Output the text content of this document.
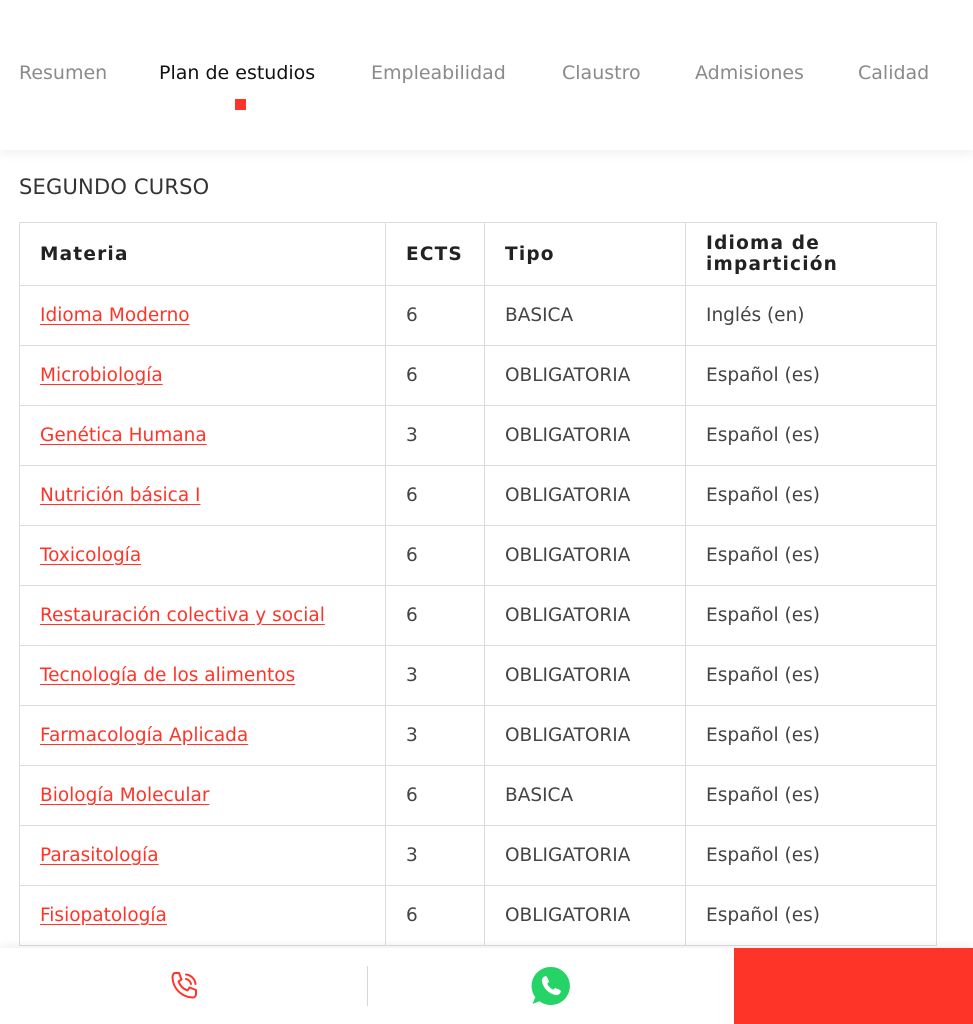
Resumen	Plan de estudios	Empleabilidad	Claustro	Admisiones	Calidad
SEGUNDO CURSO
Materia	ECTS	Tipo	Idioma de impartición
Idioma Moderno	6	BASICA	Inglés (en)
Microbiología	6	OBLIGATORIA	Español (es)
Genética Humana	3	OBLIGATORIA	Español (es)
Nutrición básica I	6	OBLIGATORIA	Español (es)
Toxicología	6	OBLIGATORIA	Español (es)
Restauración colectiva y social	6	OBLIGATORIA	Español (es)
Tecnología de los alimentos	3	OBLIGATORIA	Español (es)
Farmacología Aplicada	3	OBLIGATORIA	Español (es)
Biología Molecular	6	BASICA	Español (es)
Parasitología	3	OBLIGATORIA	Español (es)
Fisiopatología	6	OBLIGATORIA	Español (es)
